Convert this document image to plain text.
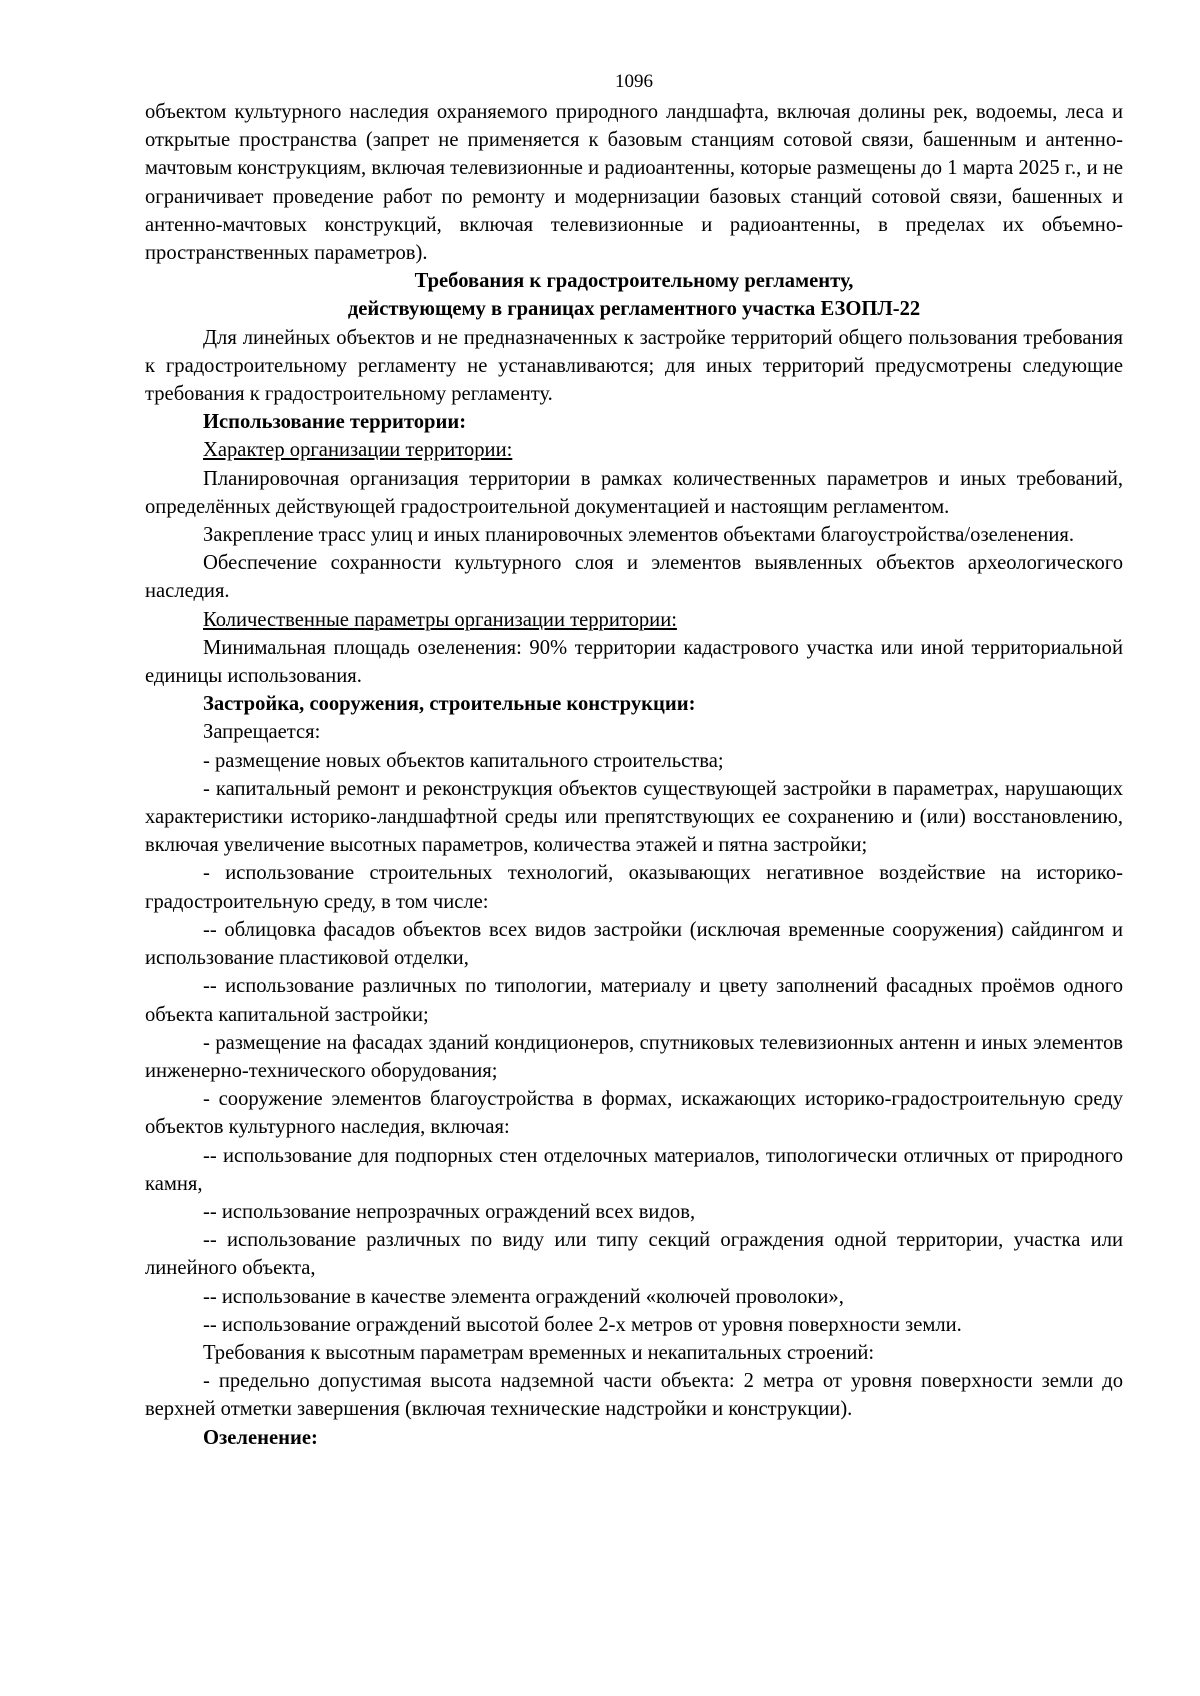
1096

объектом культурного наследия охраняемого природного ландшафта, включая долины рек, водоемы, леса и открытые пространства (запрет не применяется к базовым станциям сотовой связи, башенным и антенно-мачтовым конструкциям, включая телевизионные и радиоантенны, которые размещены до 1 марта 2025 г., и не ограничивает проведение работ по ремонту и модернизации базовых станций сотовой связи, башенных и антенно-мачтовых конструкций, включая телевизионные и радиоантенны, в пределах их объемно-пространственных параметров).

Требования к градостроительному регламенту,

действующему в границах регламентного участка ЕЗОПЛ-22

Для линейных объектов и не предназначенных к застройке территорий общего пользования требования к градостроительному регламенту не устанавливаются; для иных территорий предусмотрены следующие требования к градостроительному регламенту.

Использование территории:

Характер организации территории:

Планировочная организация территории в рамках количественных параметров и иных требований, определённых действующей градостроительной документацией и настоящим регламентом.

Закрепление трасс улиц и иных планировочных элементов объектами благоустройства/озеленения.

Обеспечение сохранности культурного слоя и элементов выявленных объектов археологического наследия.

Количественные параметры организации территории:

Минимальная площадь озеленения: 90% территории кадастрового участка или иной территориальной единицы использования.

Застройка, сооружения, строительные конструкции:

Запрещается:

- размещение новых объектов капитального строительства;

- капитальный ремонт и реконструкция объектов существующей застройки в параметрах, нарушающих характеристики историко-ландшафтной среды или препятствующих ее сохранению и (или) восстановлению, включая увеличение высотных параметров, количества этажей и пятна застройки;

- использование строительных технологий, оказывающих негативное воздействие на историко-градостроительную среду, в том числе:

-- облицовка фасадов объектов всех видов застройки (исключая временные сооружения) сайдингом и использование пластиковой отделки,

-- использование различных по типологии, материалу и цвету заполнений фасадных проёмов одного объекта капитальной застройки;

- размещение на фасадах зданий кондиционеров, спутниковых телевизионных антенн и иных элементов инженерно-технического оборудования;

- сооружение элементов благоустройства в формах, искажающих историко-градостроительную среду объектов культурного наследия, включая:

-- использование для подпорных стен отделочных материалов, типологически отличных от природного камня,

-- использование непрозрачных ограждений всех видов,

-- использование различных по виду или типу секций ограждения одной территории, участка или линейного объекта,

-- использование в качестве элемента ограждений «колючей проволоки»,

-- использование ограждений высотой более 2-х метров от уровня поверхности земли.

Требования к высотным параметрам временных и некапитальных строений:

- предельно допустимая высота надземной части объекта: 2 метра от уровня поверхности земли до верхней отметки завершения (включая технические надстройки и конструкции).

Озеленение:
